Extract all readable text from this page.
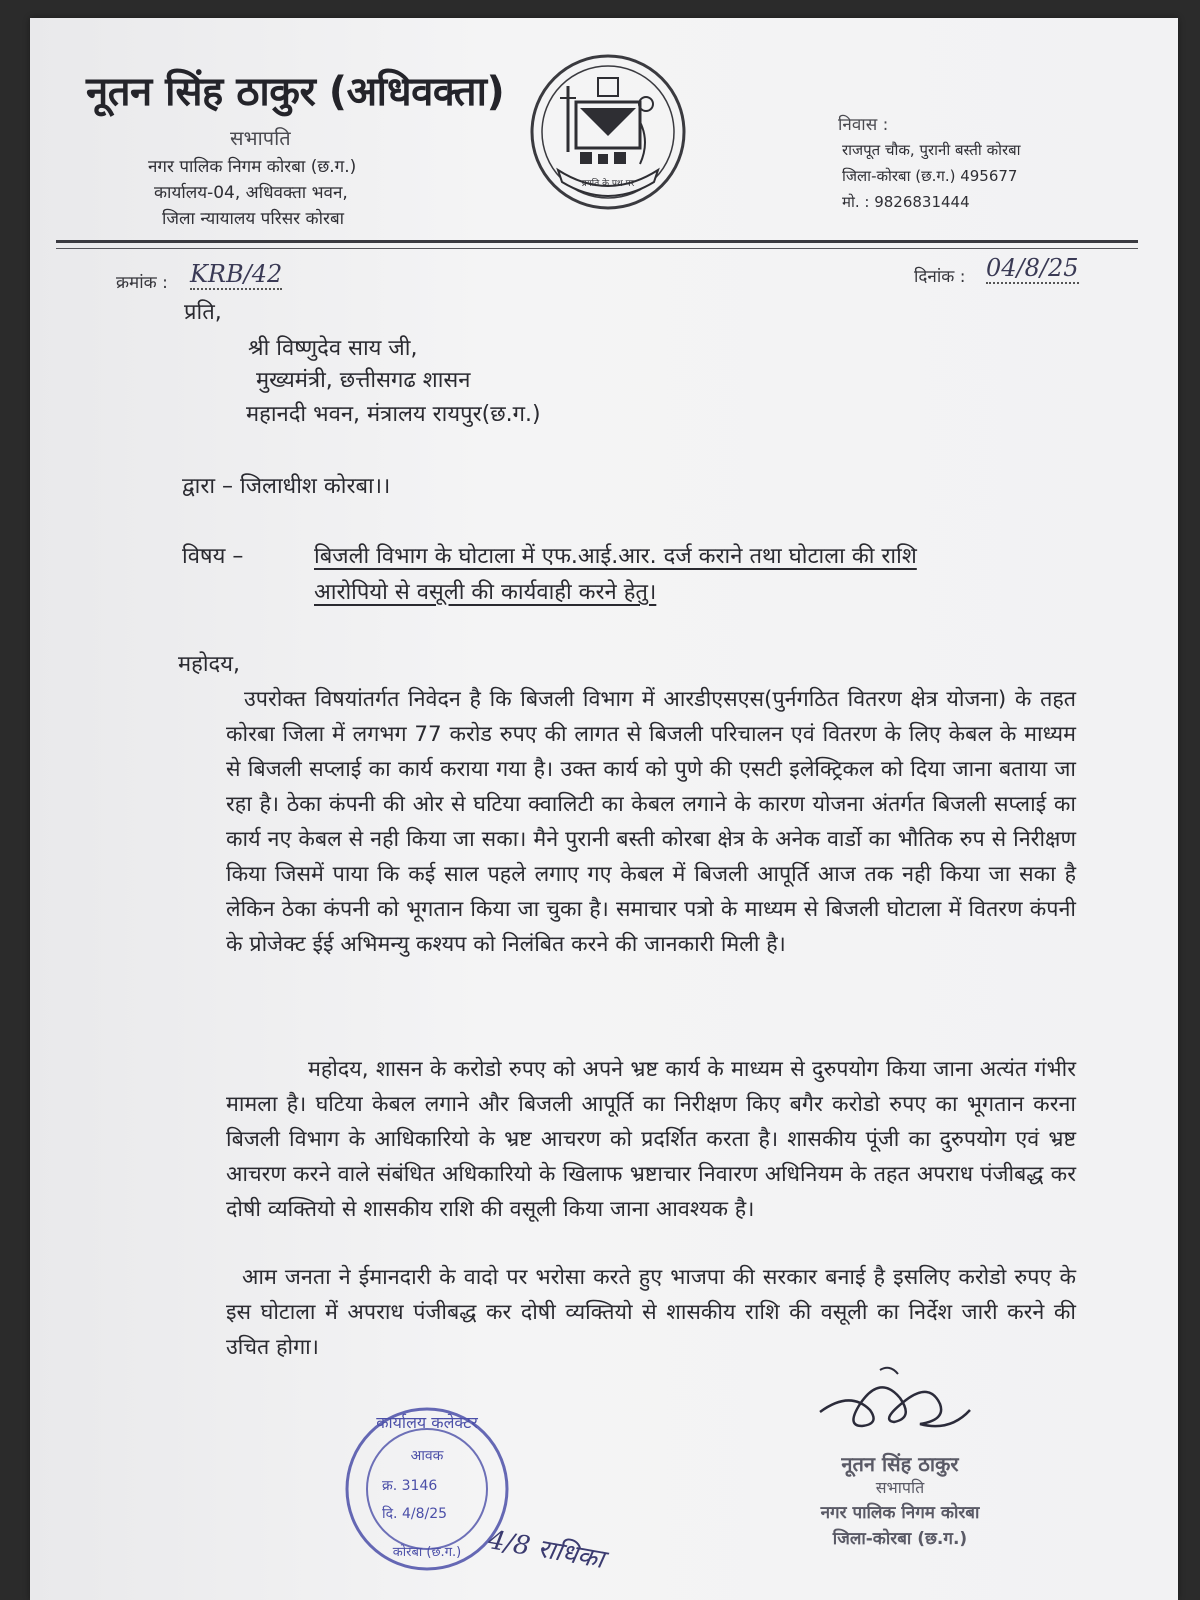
नूतन सिंह ठाकुर (अधिवक्ता)
सभापति
नगर पालिक निगम कोरबा (छ.ग.)
कार्यालय-04, अधिवक्ता भवन,
जिला न्यायालय परिसर कोरबा
प्रगति के पथ पर
निवास :
राजपूत चौक, पुरानी बस्ती कोरबा
जिला-कोरबा (छ.ग.) 495677
मो. : 9826831444
क्रमांक : KRB/42	दिनांक : 04/8/25
प्रति,
श्री विष्णुदेव साय जी,
मुख्यमंत्री, छत्तीसगढ शासन
महानदी भवन, मंत्रालय रायपुर(छ.ग.)
द्वारा – जिलाधीश कोरबा।।
विषय –	बिजली विभाग के घोटाला में एफ.आई.आर. दर्ज कराने तथा घोटाला की राशि
आरोपियो से वसूली की कार्यवाही करने हेतु।
महोदय,

उपरोक्त विषयांतर्गत निवेदन है कि बिजली विभाग में आरडीएसएस(पुर्नगठित वितरण क्षेत्र योजना) के तहत कोरबा जिला में लगभग 77 करोड रुपए की लागत से बिजली परिचालन एवं वितरण के लिए केबल के माध्यम से बिजली सप्लाई का कार्य कराया गया है। उक्त कार्य को पुणे की एसटी इलेक्ट्रिकल को दिया जाना बताया जा रहा है। ठेका कंपनी की ओर से घटिया क्वालिटी का केबल लगाने के कारण योजना अंतर्गत बिजली सप्लाई का कार्य नए केबल से नही किया जा सका। मैने पुरानी बस्ती कोरबा क्षेत्र के अनेक वार्डो का भौतिक रुप से निरीक्षण किया जिसमें पाया कि कई साल पहले लगाए गए केबल में बिजली आपूर्ति आज तक नही किया जा सका है लेकिन ठेका कंपनी को भूगतान किया जा चुका है। समाचार पत्रो के माध्यम से बिजली घोटाला में वितरण कंपनी के प्रोजेक्ट ईई अभिमन्यु कश्यप को निलंबित करने की जानकारी मिली है।

महोदय, शासन के करोडो रुपए को अपने भ्रष्ट कार्य के माध्यम से दुरुपयोग किया जाना अत्यंत गंभीर मामला है। घटिया केबल लगाने और बिजली आपूर्ति का निरीक्षण किए बगैर करोडो रुपए का भूगतान करना बिजली विभाग के आधिकारियो के भ्रष्ट आचरण को प्रदर्शित करता है। शासकीय पूंजी का दुरुपयोग एवं भ्रष्ट आचरण करने वाले संबंधित अधिकारियो के खिलाफ भ्रष्टाचार निवारण अधिनियम के तहत अपराध पंजीबद्ध कर दोषी व्यक्तियो से शासकीय राशि की वसूली किया जाना आवश्यक है।

आम जनता ने ईमानदारी के वादो पर भरोसा करते हुए भाजपा की सरकार बनाई है इसलिए करोडो रुपए के इस घोटाला में अपराध पंजीबद्ध कर दोषी व्यक्तियो से शासकीय राशि की वसूली का निर्देश जारी करने की उचित होगा।

कार्यालय कलेक्टर
आवक
क्र. 3146
दि. 4/8/25
कोरबा (छ.ग.) 4/8 राधिका
नूतन सिंह ठाकुर
सभापति
नगर पालिक निगम कोरबा
जिला-कोरबा (छ.ग.)
